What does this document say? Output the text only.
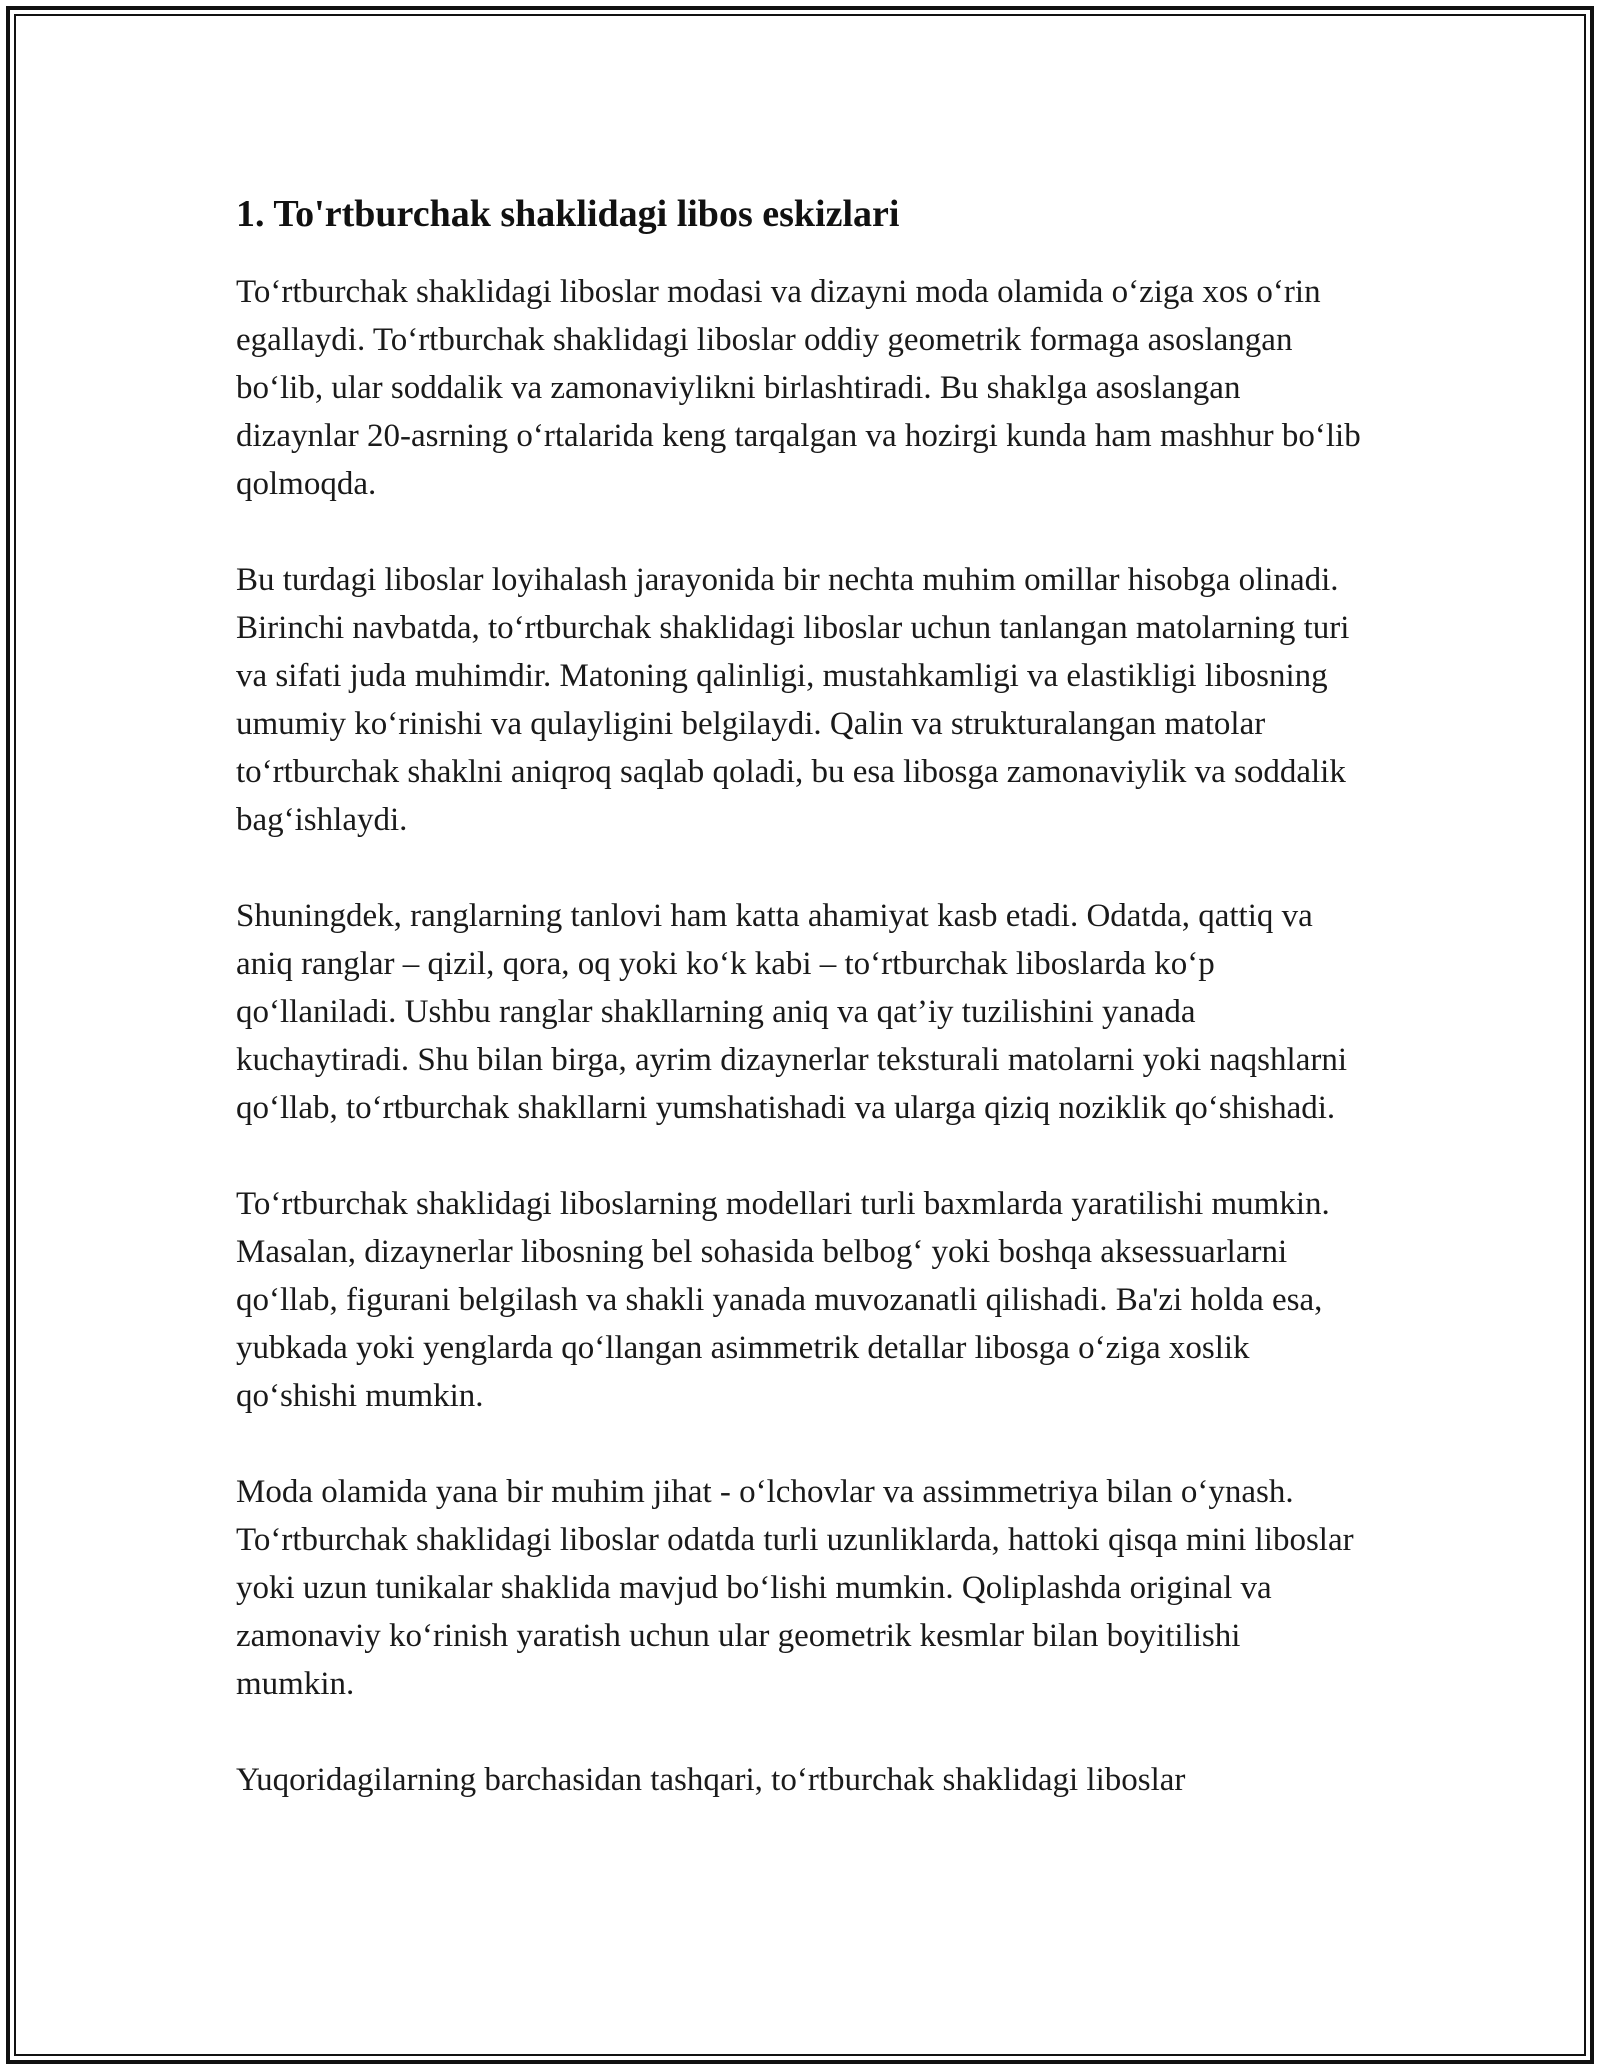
1. To'rtburchak shaklidagi libos eskizlari

To‘rtburchak shaklidagi liboslar modasi va dizayni moda olamida o‘ziga xos o‘rin egallaydi. To‘rtburchak shaklidagi liboslar oddiy geometrik formaga asoslangan bo‘lib, ular soddalik va zamonaviylikni birlashtiradi. Bu shaklga asoslangan dizaynlar 20-asrning o‘rtalarida keng tarqalgan va hozirgi kunda ham mashhur bo‘lib qolmoqda.

Bu turdagi liboslar loyihalash jarayonida bir nechta muhim omillar hisobga olinadi. Birinchi navbatda, to‘rtburchak shaklidagi liboslar uchun tanlangan matolarning turi va sifati juda muhimdir. Matoning qalinligi, mustahkamligi va elastikligi libosning umumiy ko‘rinishi va qulayligini belgilaydi. Qalin va strukturalangan matolar to‘rtburchak shaklni aniqroq saqlab qoladi, bu esa libosga zamonaviylik va soddalik bag‘ishlaydi.

Shuningdek, ranglarning tanlovi ham katta ahamiyat kasb etadi. Odatda, qattiq va aniq ranglar – qizil, qora, oq yoki ko‘k kabi – to‘rtburchak liboslarda ko‘p qo‘llaniladi. Ushbu ranglar shakllarning aniq va qat’iy tuzilishini yanada kuchaytiradi. Shu bilan birga, ayrim dizaynerlar teksturali matolarni yoki naqshlarni qo‘llab, to‘rtburchak shakllarni yumshatishadi va ularga qiziq noziklik qo‘shishadi.

To‘rtburchak shaklidagi liboslarning modellari turli baxmlarda yaratilishi mumkin. Masalan, dizaynerlar libosning bel sohasida belbog‘ yoki boshqa aksessuarlarni qo‘llab, figurani belgilash va shakli yanada muvozanatli qilishadi. Ba'zi holda esa, yubkada yoki yenglarda qo‘llangan asimmetrik detallar libosga o‘ziga xoslik qo‘shishi mumkin.

Moda olamida yana bir muhim jihat - o‘lchovlar va assimmetriya bilan o‘ynash. To‘rtburchak shaklidagi liboslar odatda turli uzunliklarda, hattoki qisqa mini liboslar yoki uzun tunikalar shaklida mavjud bo‘lishi mumkin. Qoliplashda original va zamonaviy ko‘rinish yaratish uchun ular geometrik kesmlar bilan boyitilishi mumkin.

Yuqoridagilarning barchasidan tashqari, to‘rtburchak shaklidagi liboslar
